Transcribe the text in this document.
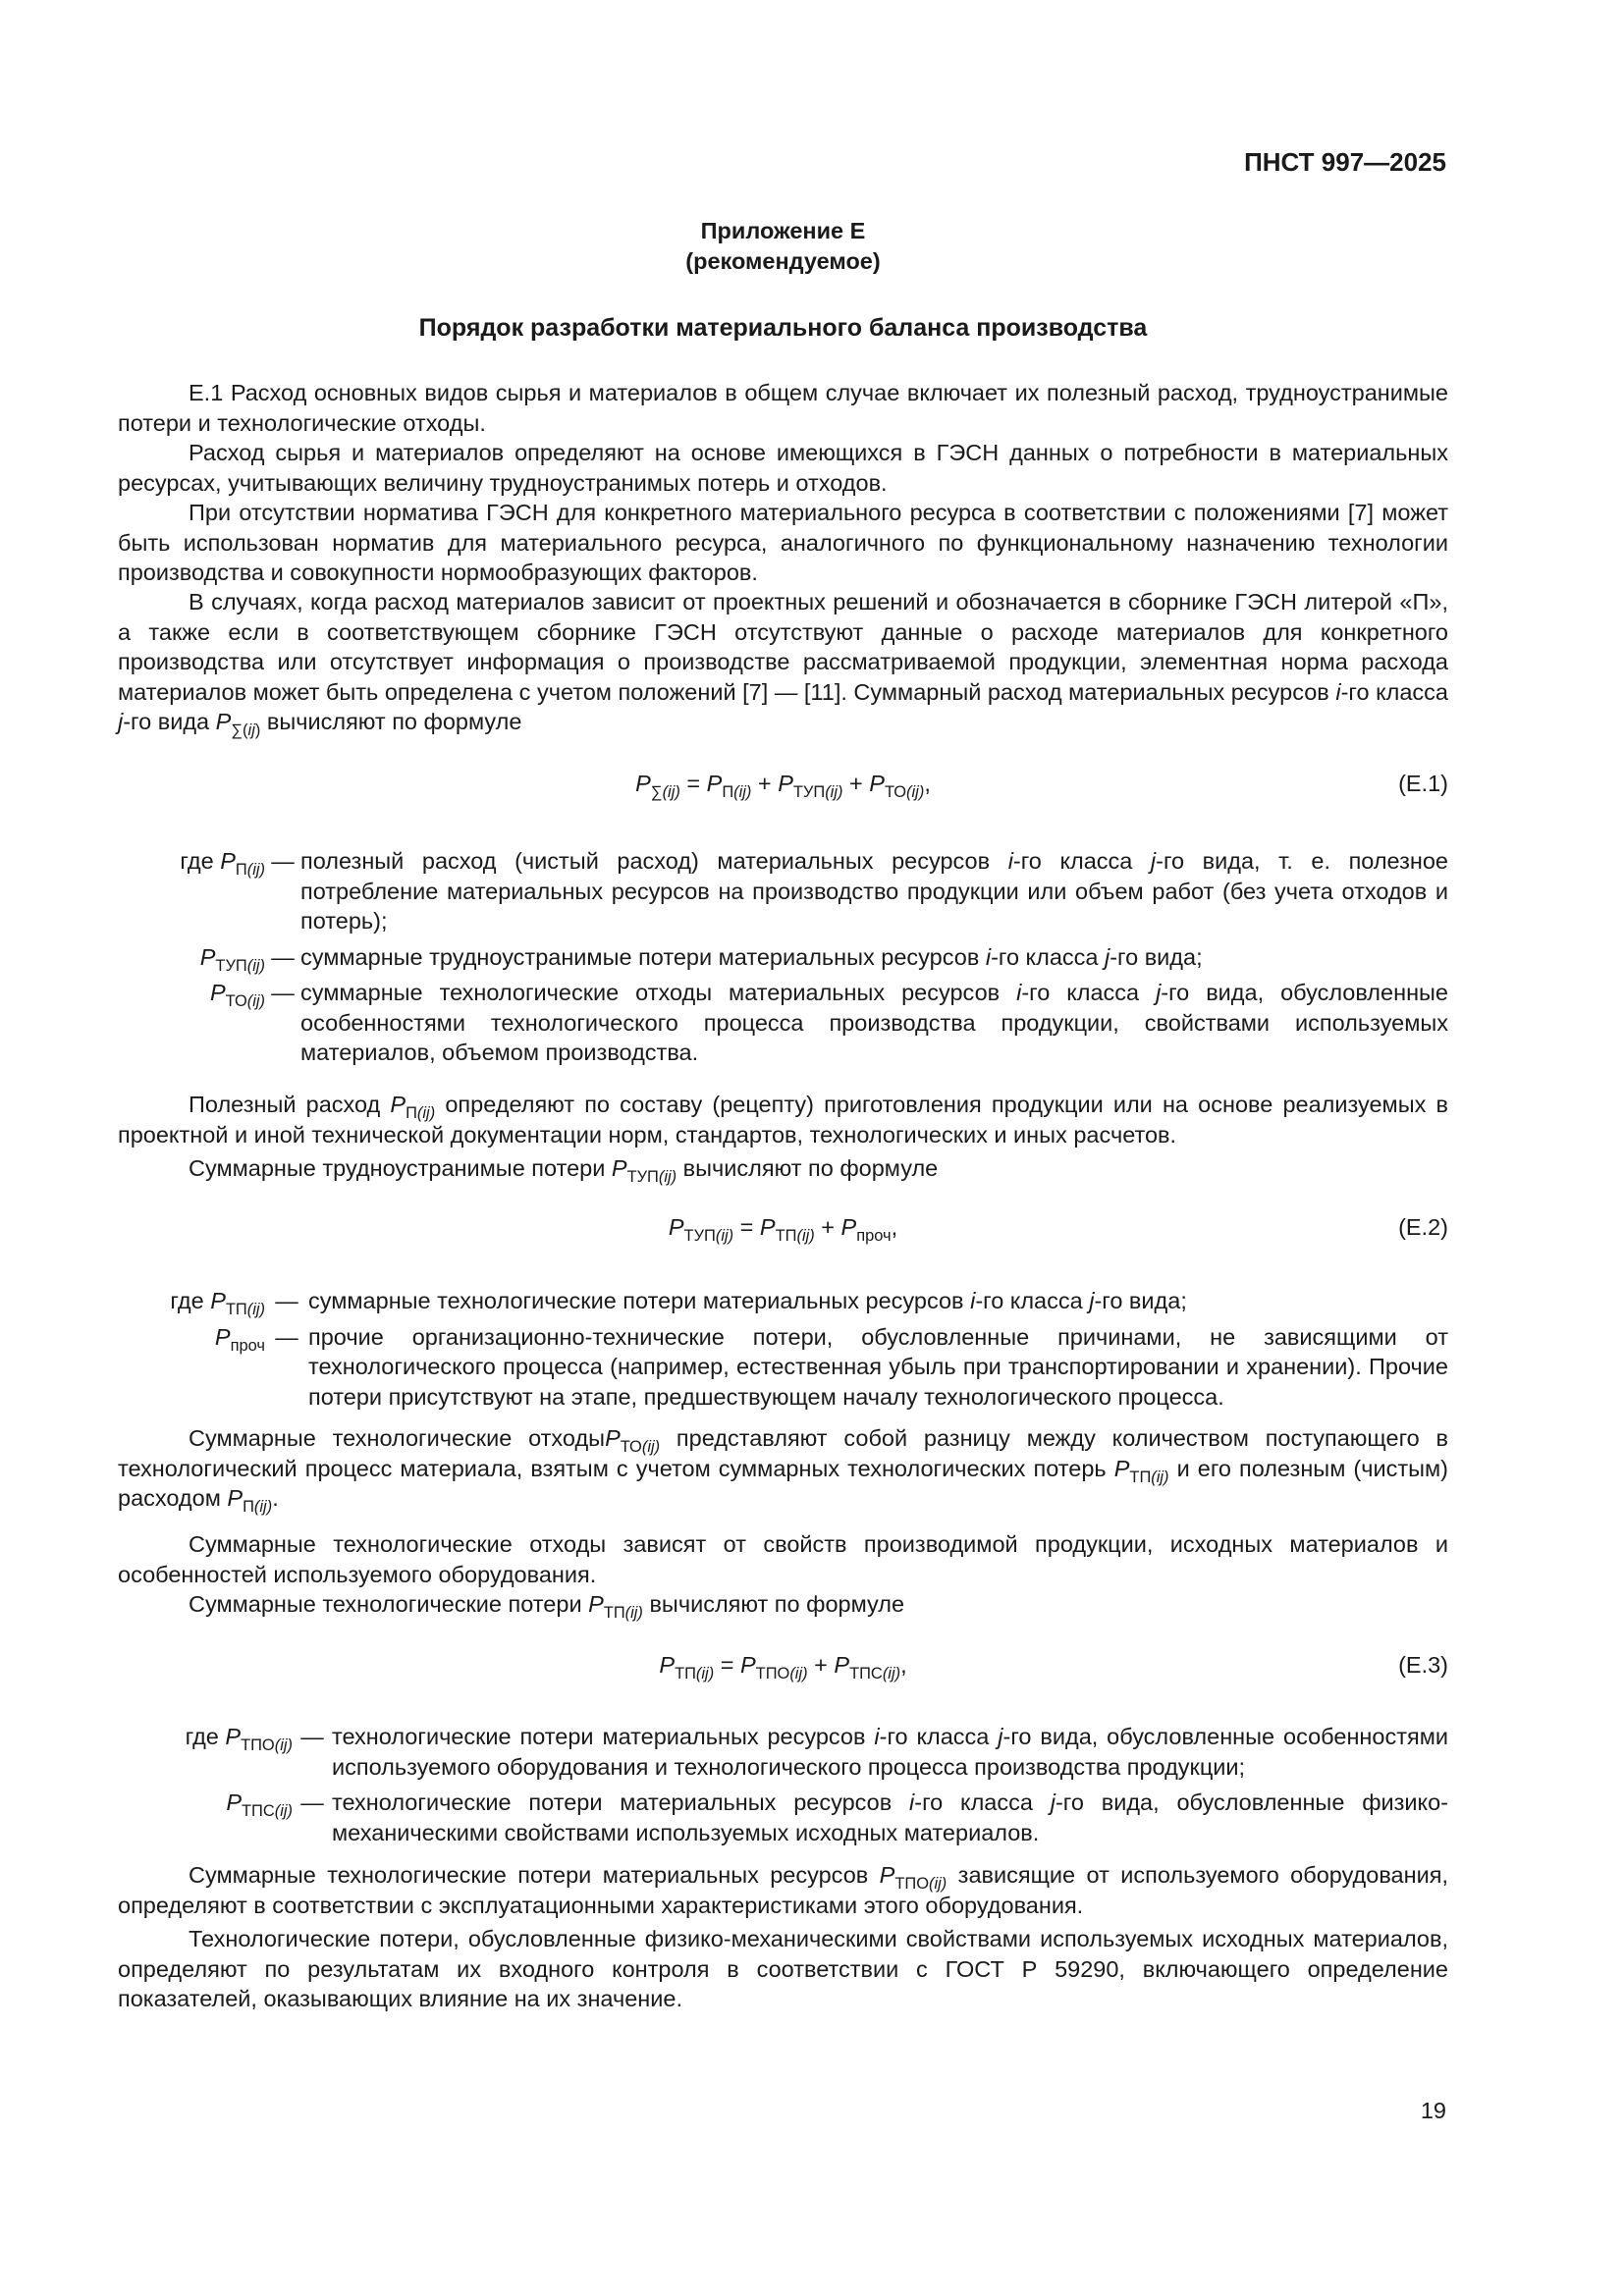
ПНСТ 997—2025
Приложение Е
(рекомендуемое)
Порядок разработки материального баланса производства
Е.1 Расход основных видов сырья и материалов в общем случае включает их полезный расход, трудноустранимые потери и технологические отходы.
Расход сырья и материалов определяют на основе имеющихся в ГЭСН данных о потребности в материальных ресурсах, учитывающих величину трудноустранимых потерь и отходов.
При отсутствии норматива ГЭСН для конкретного материального ресурса в соответствии с положениями [7] может быть использован норматив для материального ресурса, аналогичного по функциональному назначению технологии производства и совокупности нормообразующих факторов.
В случаях, когда расход материалов зависит от проектных решений и обозначается в сборнике ГЭСН литерой «П», а также если в соответствующем сборнике ГЭСН отсутствуют данные о расходе материалов для конкретного производства или отсутствует информация о производстве рассматриваемой продукции, элементная норма расхода материалов может быть определена с учетом положений [7] — [11]. Суммарный расход материальных ресурсов i-го класса j-го вида $P_{\sum(ij)}$ вычисляют по формуле
$P_{\sum(ij)} = P_{П(ij)} + P_{ТУП(ij)} + P_{ТО(ij)}$,	(Е.1)
где $P_{П(ij)}$ — полезный расход (чистый расход) материальных ресурсов i-го класса j-го вида, т. е. полезное потребление материальных ресурсов на производство продукции или объем работ (без учета отходов и потерь);
$P_{ТУП(ij)}$ — суммарные трудноустранимые потери материальных ресурсов i-го класса j-го вида;
$P_{ТО(ij)}$ — суммарные технологические отходы материальных ресурсов i-го класса j-го вида, обусловленные особенностями технологического процесса производства продукции, свойствами используемых материалов, объемом производства.
Полезный расход $P_{П(ij)}$ определяют по составу (рецепту) приготовления продукции или на основе реализуемых в проектной и иной технической документации норм, стандартов, технологических и иных расчетов.
Суммарные трудноустранимые потери $P_{ТУП(ij)}$ вычисляют по формуле
$P_{ТУП(ij)} = P_{ТП(ij)} + P_{проч}$,	(Е.2)
где $P_{ТП(ij)}$ — суммарные технологические потери материальных ресурсов i-го класса j-го вида;
$P_{проч}$ — прочие организационно-технические потери, обусловленные причинами, не зависящими от технологического процесса (например, естественная убыль при транспортировании и хранении). Прочие потери присутствуют на этапе, предшествующем началу технологического процесса.
Суммарные технологические отходыP$_{ТО(ij)}$ представляют собой разницу между количеством поступающего в технологический процесс материала, взятым с учетом суммарных технологических потерь $P_{ТП(ij)}$ и его полезным (чистым) расходом $P_{П(ij)}$.
Суммарные технологические отходы зависят от свойств производимой продукции, исходных материалов и особенностей используемого оборудования.
Суммарные технологические потери $P_{ТП(ij)}$ вычисляют по формуле
$P_{ТП(ij)} = P_{ТПО(ij)} + P_{ТПС(ij)}$,	(Е.3)
где $P_{ТПО(ij)}$ — технологические потери материальных ресурсов i-го класса j-го вида, обусловленные особенностями используемого оборудования и технологического процесса производства продукции;
$P_{ТПС(ij)}$ — технологические потери материальных ресурсов i-го класса j-го вида, обусловленные физико-механическими свойствами используемых исходных материалов.
Суммарные технологические потери материальных ресурсов $P_{ТПО(ij)}$ зависящие от используемого оборудования, определяют в соответствии с эксплуатационными характеристиками этого оборудования.
Технологические потери, обусловленные физико-механическими свойствами используемых исходных материалов, определяют по результатам их входного контроля в соответствии с ГОСТ Р 59290, включающего определение показателей, оказывающих влияние на их значение.
19
